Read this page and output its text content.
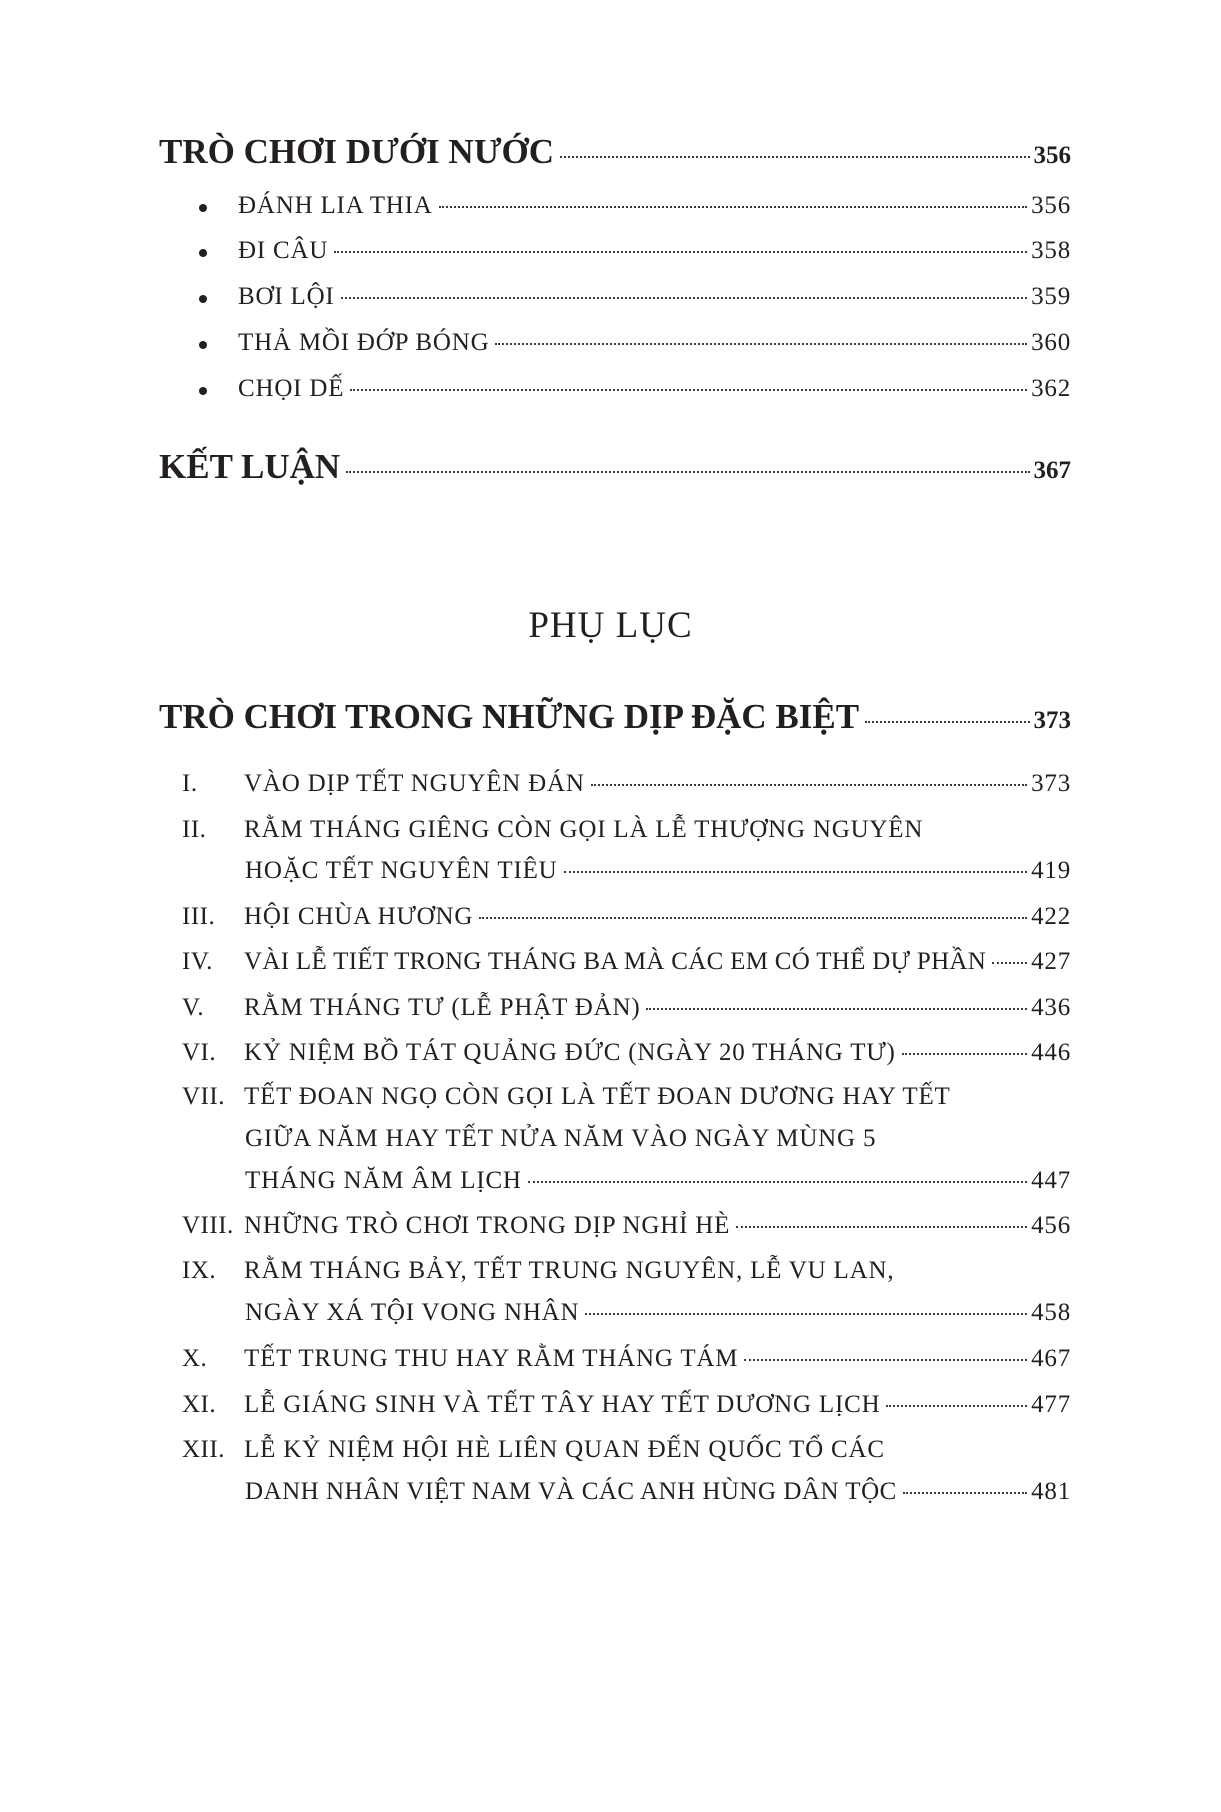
TRÒ CHƠI DƯỚI NƯỚC	356
ĐÁNH LIA THIA	356
ĐI CÂU	358
BƠI LỘI	359
THẢ MỒI ĐỚP BÓNG	360
CHỌI DẾ	362
KẾT LUẬN	367
PHỤ LỤC
TRÒ CHƠI TRONG NHỮNG DỊP ĐẶC BIỆT	373
I.	VÀO DỊP TẾT NGUYÊN ĐÁN	373
II.	RẰM THÁNG GIÊNG CÒN GỌI LÀ LỄ THƯỢNG NGUYÊN
HOẶC TẾT NGUYÊN TIÊU	419
III.	HỘI CHÙA HƯƠNG	422
IV.	VÀI LỄ TIẾT TRONG THÁNG BA MÀ CÁC EM CÓ THỂ DỰ PHẦN 427
V.	RẰM THÁNG TƯ (LỄ PHẬT ĐẢN)	436
VI.	KỶ NIỆM BỒ TÁT QUẢNG ĐỨC (NGÀY 20 THÁNG TƯ)	446
VII. TẾT ĐOAN NGỌ CÒN GỌI LÀ TẾT ĐOAN DƯƠNG HAY TẾT
GIỮA NĂM HAY TẾT NỬA NĂM VÀO NGÀY MÙNG 5
THÁNG NĂM ÂM LỊCH	447
VIII. NHỮNG TRÒ CHƠI TRONG DỊP NGHỈ HÈ	456
IX.	RẰM THÁNG BẢY, TẾT TRUNG NGUYÊN, LỄ VU LAN,
NGÀY XÁ TỘI VONG NHÂN	458
X.	TẾT TRUNG THU HAY RẰM THÁNG TÁM	467
XI.	LỄ GIÁNG SINH VÀ TẾT TÂY HAY TẾT DƯƠNG LỊCH	477
XII. LỄ KỶ NIỆM HỘI HÈ LIÊN QUAN ĐẾN QUỐC TỔ CÁC
DANH NHÂN VIỆT NAM VÀ CÁC ANH HÙNG DÂN TỘC	481
